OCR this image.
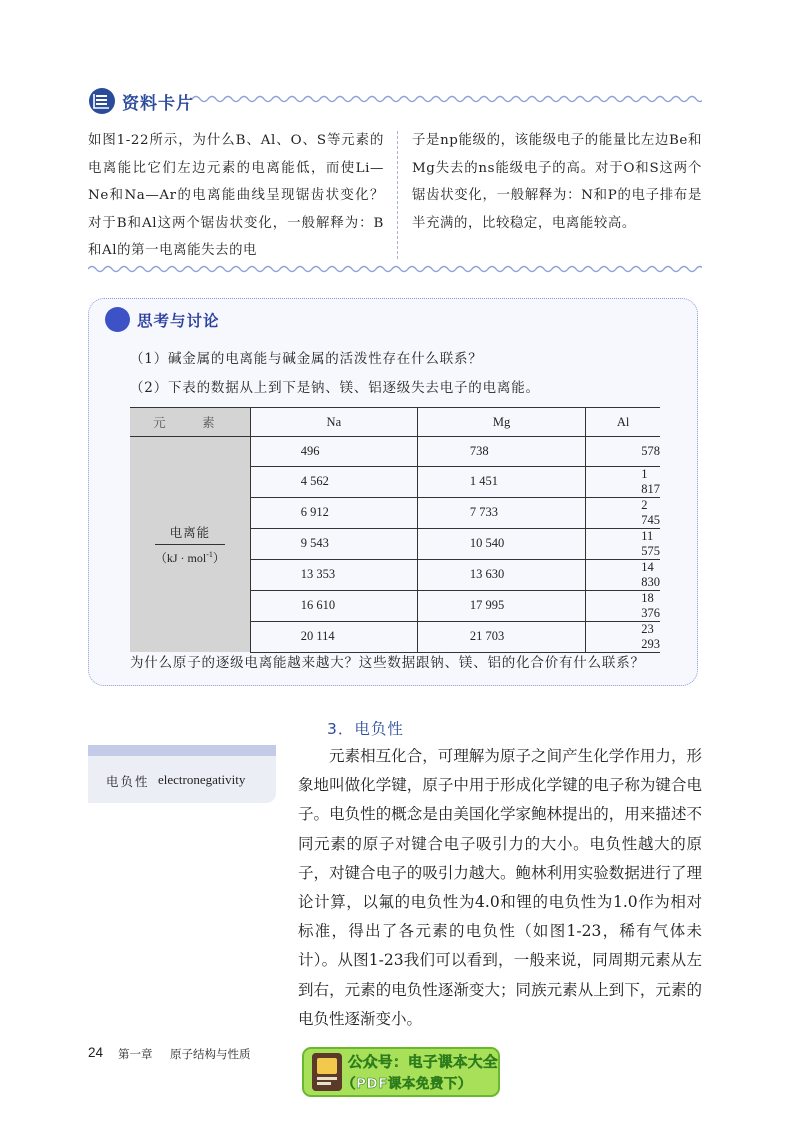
资料卡片
如图1-22所示，为什么B、Al、O、S等元素的电离能比它们左边元素的电离能低，而使Li—Ne和Na—Ar的电离能曲线呈现锯齿状变化？对于B和Al这两个锯齿状变化，一般解释为：B和Al的第一电离能失去的电
子是np能级的，该能级电子的能量比左边Be和Mg失去的ns能级电子的高。对于O和S这两个锯齿状变化，一般解释为：N和P的电子排布是半充满的，比较稳定，电离能较高。
思考与讨论
（1）碱金属的电离能与碱金属的活泼性存在什么联系？
（2）下表的数据从上到下是钠、镁、铝逐级失去电子的电离能。
元　素	Na	Mg	Al

电离能
（kJ · mol$^{-1}$）	496	738	578
	4 562	1 451	1 817
	6 912	7 733	2 745
	9 543	10 540	11 575
	13 353	13 630	14 830
	16 610	17 995	18 376
	20 114	21 703	23 293
为什么原子的逐级电离能越来越大？这些数据跟钠、镁、铝的化合价有什么联系？
3．电负性
电负性 electronegativity
元素相互化合，可理解为原子之间产生化学作用力，形象地叫做化学键，原子中用于形成化学键的电子称为键合电子。电负性的概念是由美国化学家鲍林提出的，用来描述不同元素的原子对键合电子吸引力的大小。电负性越大的原子，对键合电子的吸引力越大。鲍林利用实验数据进行了理论计算，以氟的电负性为4.0和锂的电负性为1.0作为相对标准，得出了各元素的电负性（如图1-23，稀有气体未计）。从图1-23我们可以看到，一般来说，同周期元素从左到右，元素的电负性逐渐变大；同族元素从上到下，元素的电负性逐渐变小。
24 第一章 原子结构与性质
公众号：电子课本大全
（PDF课本免费下）
